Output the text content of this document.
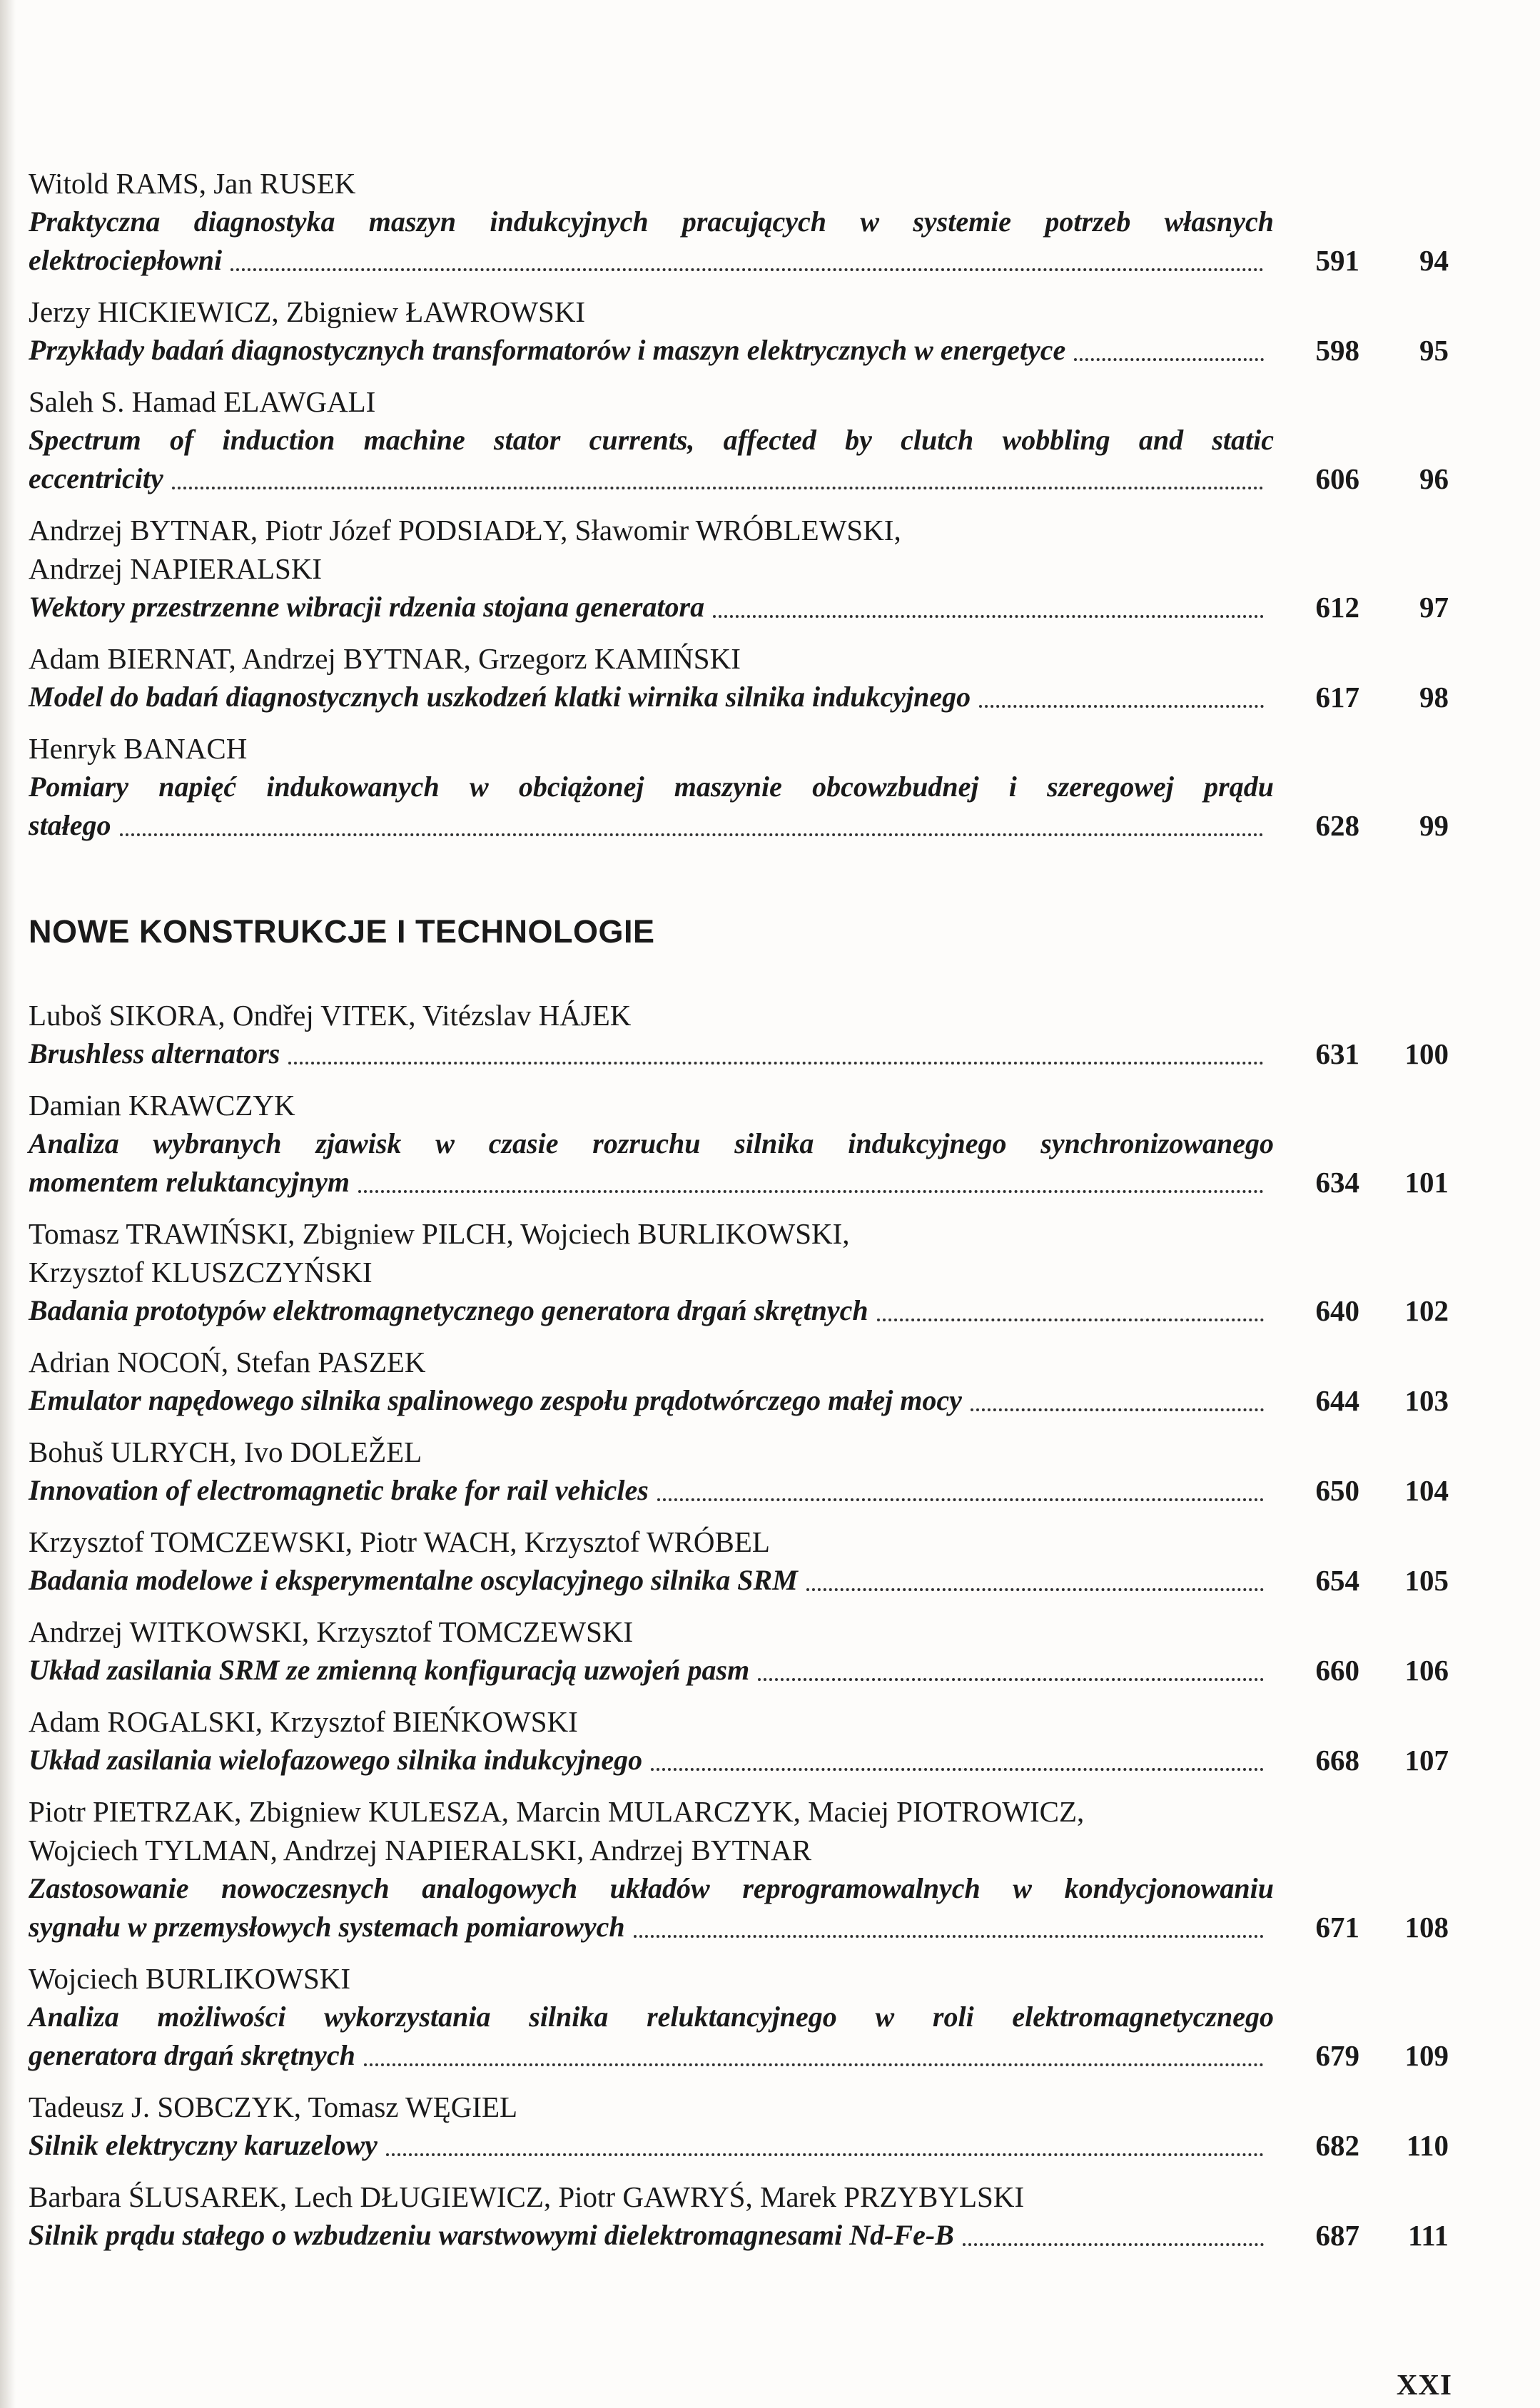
Witold RAMS, Jan RUSEK
Praktyczna diagnostyka maszyn indukcyjnych pracujących w systemie potrzeb własnych
elektrociepłowni	591	94
Jerzy HICKIEWICZ, Zbigniew ŁAWROWSKI
Przykłady badań diagnostycznych transformatorów i maszyn elektrycznych w energetyce	598	95
Saleh S. Hamad ELAWGALI
Spectrum of induction machine stator currents, affected by clutch wobbling and static
eccentricity	606	96
Andrzej BYTNAR, Piotr Józef PODSIADŁY, Sławomir WRÓBLEWSKI,
Andrzej NAPIERALSKI
Wektory przestrzenne wibracji rdzenia stojana generatora	612	97
Adam BIERNAT, Andrzej BYTNAR, Grzegorz KAMIŃSKI
Model do badań diagnostycznych uszkodzeń klatki wirnika silnika indukcyjnego	617	98
Henryk BANACH
Pomiary napięć indukowanych w obciążonej maszynie obcowzbudnej i szeregowej prądu
stałego	628	99
NOWE KONSTRUKCJE I TECHNOLOGIE
Luboš SIKORA, Ondřej VITEK, Vitézslav HÁJEK
Brushless alternators	631	100
Damian KRAWCZYK
Analiza wybranych zjawisk w czasie rozruchu silnika indukcyjnego synchronizowanego
momentem reluktancyjnym	634	101
Tomasz TRAWIŃSKI, Zbigniew PILCH, Wojciech BURLIKOWSKI,
Krzysztof KLUSZCZYŃSKI
Badania prototypów elektromagnetycznego generatora drgań skrętnych	640	102
Adrian NOCOŃ, Stefan PASZEK
Emulator napędowego silnika spalinowego zespołu prądotwórczego małej mocy	644	103
Bohuš ULRYCH, Ivo DOLEŽEL
Innovation of electromagnetic brake for rail vehicles	650	104
Krzysztof TOMCZEWSKI, Piotr WACH, Krzysztof WRÓBEL
Badania modelowe i eksperymentalne oscylacyjnego silnika SRM	654	105
Andrzej WITKOWSKI, Krzysztof TOMCZEWSKI
Układ zasilania SRM ze zmienną konfiguracją uzwojeń pasm	660	106
Adam ROGALSKI, Krzysztof BIEŃKOWSKI
Układ zasilania wielofazowego silnika indukcyjnego	668	107
Piotr PIETRZAK, Zbigniew KULESZA, Marcin MULARCZYK, Maciej PIOTROWICZ,
Wojciech TYLMAN, Andrzej NAPIERALSKI, Andrzej BYTNAR
Zastosowanie nowoczesnych analogowych układów reprogramowalnych w kondycjonowaniu
sygnału w przemysłowych systemach pomiarowych	671	108
Wojciech BURLIKOWSKI
Analiza możliwości wykorzystania silnika reluktancyjnego w roli elektromagnetycznego
generatora drgań skrętnych	679	109
Tadeusz J. SOBCZYK, Tomasz WĘGIEL
Silnik elektryczny karuzelowy	682	110
Barbara ŚLUSAREK, Lech DŁUGIEWICZ, Piotr GAWRYŚ, Marek PRZYBYLSKI
Silnik prądu stałego o wzbudzeniu warstwowymi dielektromagnesami Nd-Fe-B	687	111
XXI
